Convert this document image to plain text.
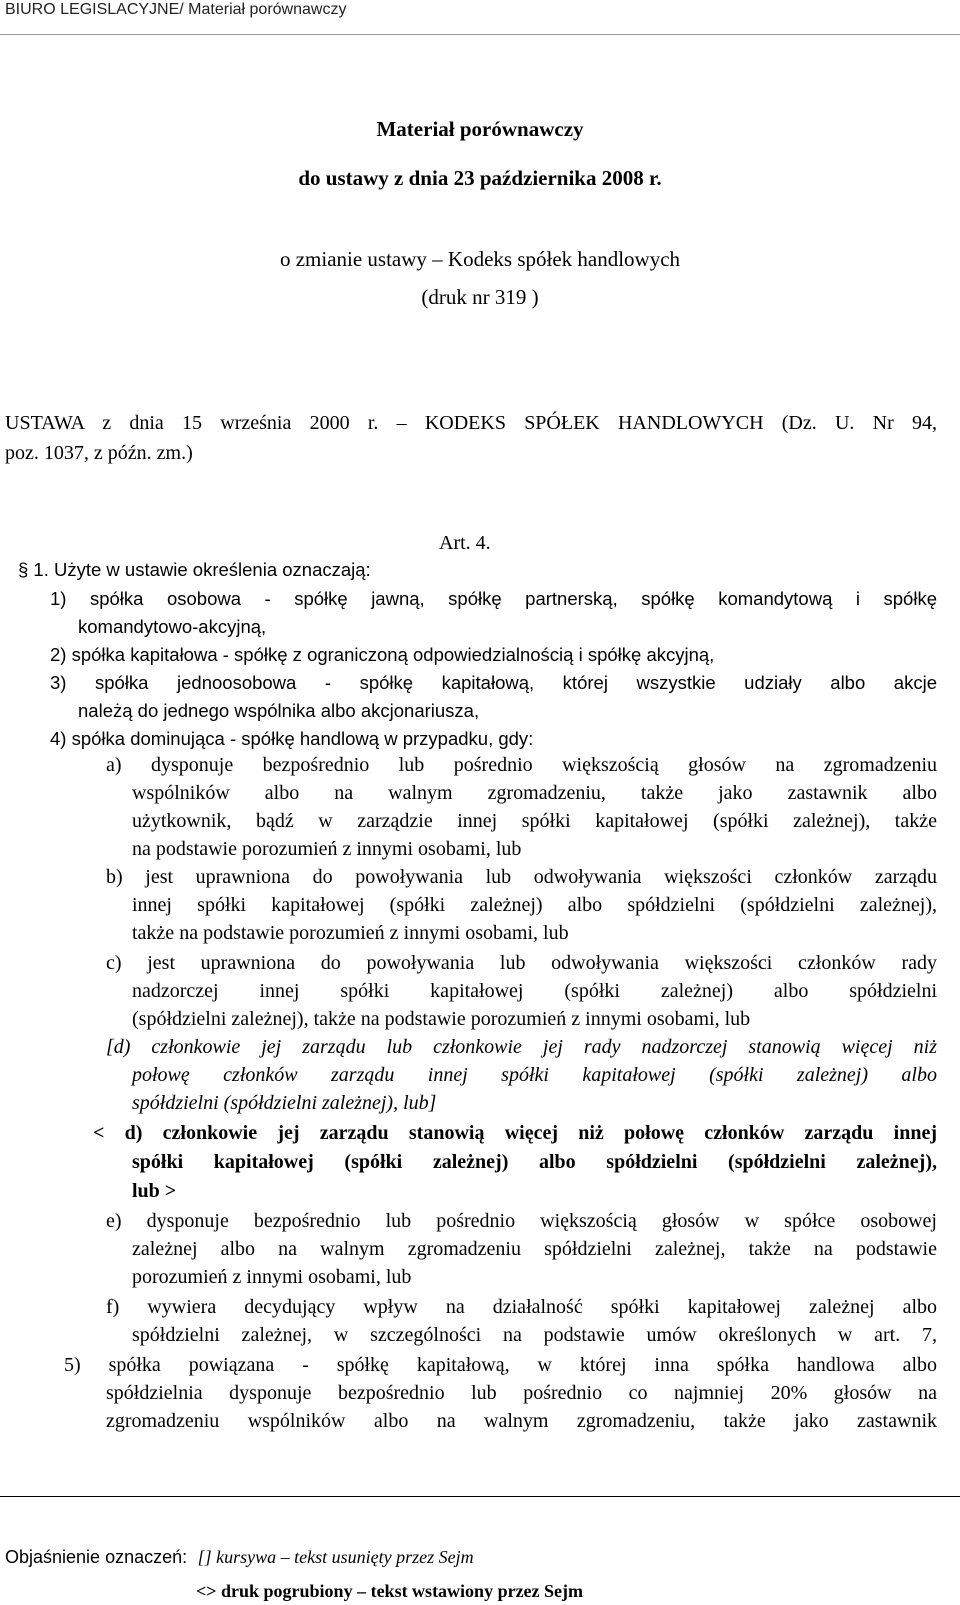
BIURO LEGISLACYJNE/ Materiał porównawczy
Materiał porównawczy
do ustawy z dnia 23 października 2008 r.
o zmianie ustawy – Kodeks spółek handlowych
(druk nr 319 )
USTAWA z dnia 15 września 2000 r. – KODEKS SPÓŁEK HANDLOWYCH (Dz. U. Nr 94,
poz. 1037, z późn. zm.)
Art. 4.
§ 1. Użyte w ustawie określenia oznaczają:
1) spółka osobowa - spółkę jawną, spółkę partnerską, spółkę komandytową i spółkę
komandytowo-akcyjną,
2) spółka kapitałowa - spółkę z ograniczoną odpowiedzialnością i spółkę akcyjną,
3) spółka jednoosobowa - spółkę kapitałową, której wszystkie udziały albo akcje
należą do jednego wspólnika albo akcjonariusza,
4) spółka dominująca - spółkę handlową w przypadku, gdy:
a) dysponuje bezpośrednio lub pośrednio większością głosów na zgromadzeniu
wspólników albo na walnym zgromadzeniu, także jako zastawnik albo
użytkownik, bądź w zarządzie innej spółki kapitałowej (spółki zależnej), także
na podstawie porozumień z innymi osobami, lub
b) jest uprawniona do powoływania lub odwoływania większości członków zarządu
innej spółki kapitałowej (spółki zależnej) albo spółdzielni (spółdzielni zależnej),
także na podstawie porozumień z innymi osobami, lub
c) jest uprawniona do powoływania lub odwoływania większości członków rady
nadzorczej innej spółki kapitałowej (spółki zależnej) albo spółdzielni
(spółdzielni zależnej), także na podstawie porozumień z innymi osobami, lub
[d) członkowie jej zarządu lub członkowie jej rady nadzorczej stanowią więcej niż
połowę członków zarządu innej spółki kapitałowej (spółki zależnej) albo
spółdzielni (spółdzielni zależnej), lub]
< d) członkowie jej zarządu stanowią więcej niż połowę członków zarządu innej
spółki kapitałowej (spółki zależnej) albo spółdzielni (spółdzielni zależnej),
lub >
e) dysponuje bezpośrednio lub pośrednio większością głosów w spółce osobowej
zależnej albo na walnym zgromadzeniu spółdzielni zależnej, także na podstawie
porozumień z innymi osobami, lub
f) wywiera decydujący wpływ na działalność spółki kapitałowej zależnej albo
spółdzielni zależnej, w szczególności na podstawie umów określonych w art. 7,
5) spółka powiązana - spółkę kapitałową, w której inna spółka handlowa albo
spółdzielnia dysponuje bezpośrednio lub pośrednio co najmniej 20% głosów na
zgromadzeniu wspólników albo na walnym zgromadzeniu, także jako zastawnik
Objaśnienie oznaczeń: [] kursywa – tekst usunięty przez Sejm
<> druk pogrubiony – tekst wstawiony przez Sejm
